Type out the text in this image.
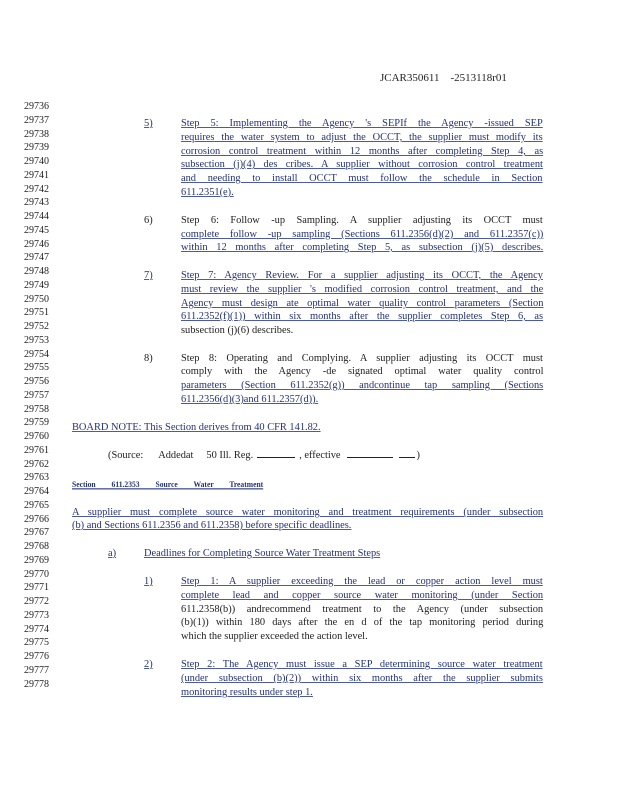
JCAR350611    -2513118r01
29736
29737
29738
29739
29740
29741
29742
29743
29744
29745
29746
29747
29748
29749
29750
29751
29752
29753
29754
29755
29756
29757
29758
29759
29760
29761
29762
29763
29764
29765
29766
29767
29768
29769
29770
29771
29772
29773
29774
29775
29776
29777
29778
5)	Step 5: Implementing the Agency 's SEPIf the Agency -issued SEP
requires the water system to adjust the OCCT, the supplier must modify its
corrosion control treatment within 12 months after completing Step 4, as
subsection (j)(4) des cribes. A supplier without corrosion control treatment
and needing to install OCCT must follow the schedule in Section
611.2351(e).
6)	Step 6: Follow -up Sampling. A supplier adjusting its OCCT must
complete follow -up sampling (Sections 611.2356(d)(2) and 611.2357(c))
within 12 months after completing Step 5, as subsection (j)(5) describes.
7)	Step 7: Agency Review. For a supplier adjusting its OCCT, the Agency
must review the supplier 's modified corrosion control treatment, and the
Agency must design ate optimal water quality control parameters (Section
611.2352(f)(1)) within six months after the supplier completes Step 6, as
subsection (j)(6) describes.
8)	Step 8: Operating and Complying. A supplier adjusting its OCCT must
comply with the Agency -de signated optimal water quality control
parameters (Section 611.2352(g)) andcontinue tap sampling (Sections
611.2356(d)(3)and 611.2357(d)).
BOARD NOTE: This Section derives from 40 CFR 141.82.
(Source: Addedat 50 Ill. Reg.	, effective	)
Section 611.2353 Source Water Treatment
A supplier must complete source water monitoring and treatment requirements (under subsection
(b) and Sections 611.2356 and 611.2358) before specific deadlines.
a)	Deadlines for Completing Source Water Treatment Steps
1)	Step 1: A supplier exceeding the lead or copper action level must
complete lead and copper source water monitoring (under Section
611.2358(b)) andrecommend treatment to the Agency (under subsection
(b)(1)) within 180 days after the en d of the tap monitoring period during
which the supplier exceeded the action level.
2)	Step 2: The Agency must issue a SEP determining source water treatment
(under subsection (b)(2)) within six months after the supplier submits
monitoring results under step 1.
